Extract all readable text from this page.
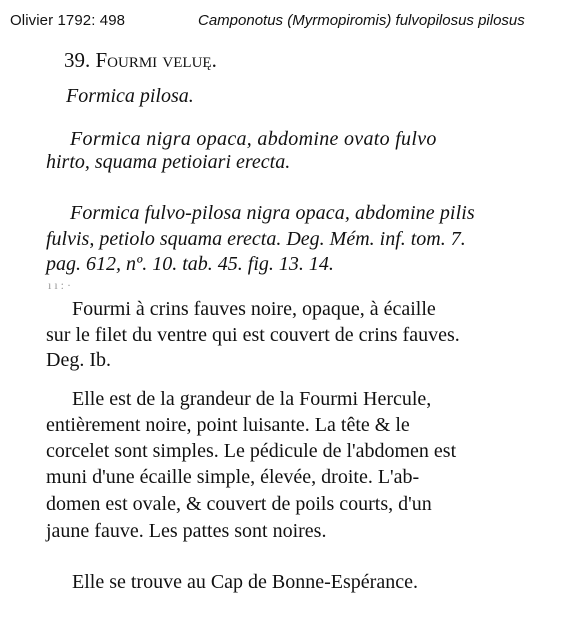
Olivier 1792: 498	Camponotus (Myrmopiromis) fulvopilosus pilosus
39. Fourmi veluę.
Formica pilosa.
Formica nigra opaca, abdomine ovato fulvo
hirto, squama petioiari erecta.
Formica fulvo-pilosa nigra opaca, abdomine pilis
fulvis, petiolo squama erecta. Deg. Mém. inf. tom. 7.
pag. 612, nº. 10. tab. 45. fig. 13. 14.
ı ı : ·
Fourmi à crins fauves noire, opaque, à écaille
sur le filet du ventre qui est couvert de crins fauves.
Deg. Ib.
Elle est de la grandeur de la Fourmi Hercule,
entièrement noire, point luisante. La tête & le
corcelet sont simples. Le pédicule de l'abdomen est
muni d'une écaille simple, élevée, droite. L'ab-
domen est ovale, & couvert de poils courts, d'un
jaune fauve. Les pattes sont noires.
Elle se trouve au Cap de Bonne-Espérance.
